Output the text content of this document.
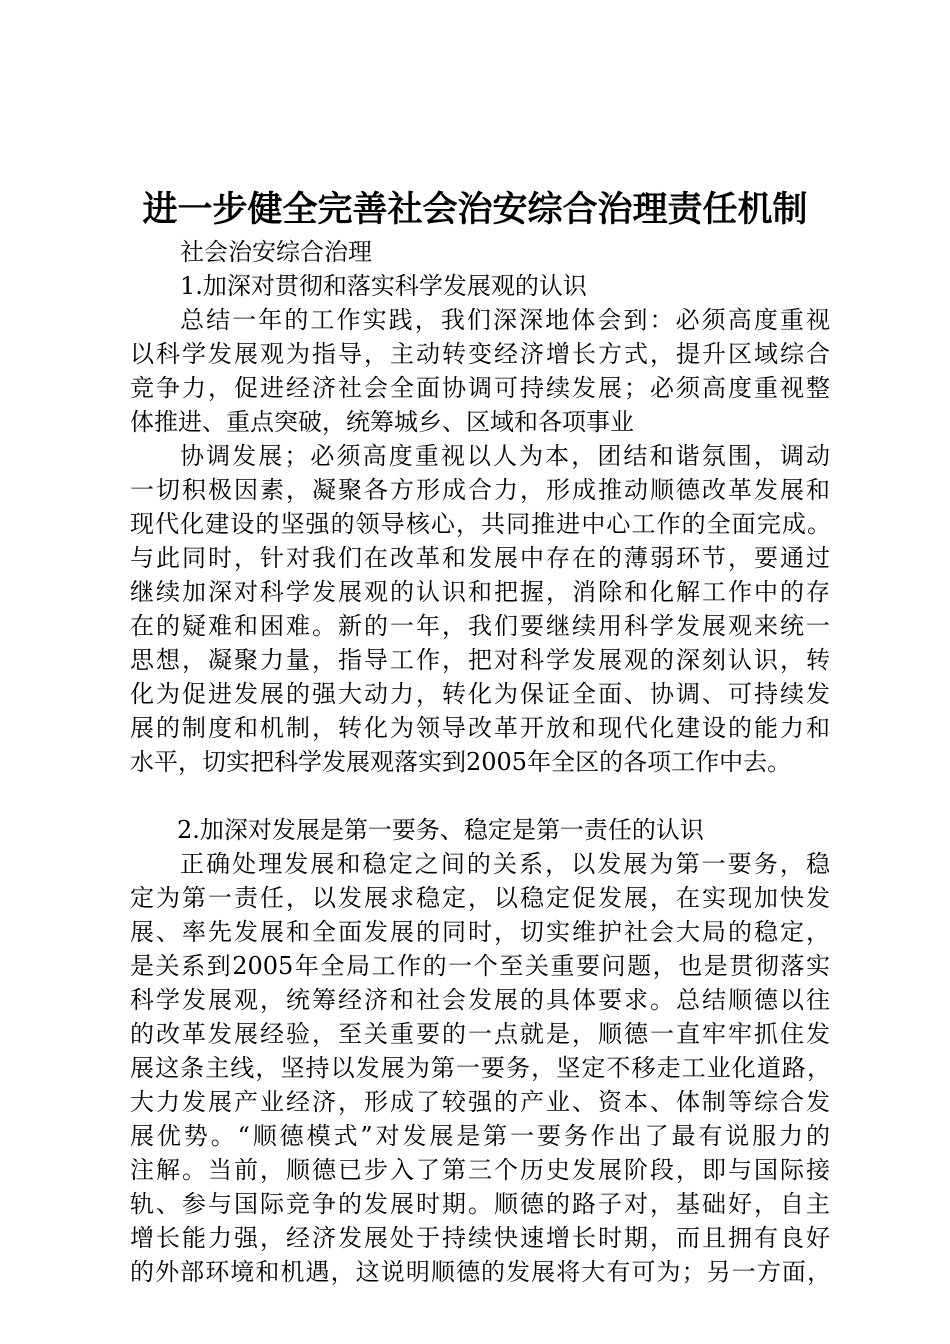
进一步健全完善社会治安综合治理责任机制
社会治安综合治理
1.加深对贯彻和落实科学发展观的认识
总结一年的工作实践，我们深深地体会到：必须高度重视
以科学发展观为指导，主动转变经济增长方式，提升区域综合
竞争力，促进经济社会全面协调可持续发展；必须高度重视整
体推进、重点突破，统筹城乡、区域和各项事业
协调发展；必须高度重视以人为本，团结和谐氛围，调动
一切积极因素，凝聚各方形成合力，形成推动顺德改革发展和
现代化建设的坚强的领导核心，共同推进中心工作的全面完成。
与此同时，针对我们在改革和发展中存在的薄弱环节，要通过
继续加深对科学发展观的认识和把握，消除和化解工作中的存
在的疑难和困难。新的一年，我们要继续用科学发展观来统一
思想，凝聚力量，指导工作，把对科学发展观的深刻认识，转
化为促进发展的强大动力，转化为保证全面、协调、可持续发
展的制度和机制，转化为领导改革开放和现代化建设的能力和
水平，切实把科学发展观落实到2005年全区的各项工作中去。
2.加深对发展是第一要务、稳定是第一责任的认识
正确处理发展和稳定之间的关系，以发展为第一要务，稳
定为第一责任，以发展求稳定，以稳定促发展，在实现加快发
展、率先发展和全面发展的同时，切实维护社会大局的稳定，
是关系到2005年全局工作的一个至关重要问题，也是贯彻落实
科学发展观，统筹经济和社会发展的具体要求。总结顺德以往
的改革发展经验，至关重要的一点就是，顺德一直牢牢抓住发
展这条主线，坚持以发展为第一要务，坚定不移走工业化道路，
大力发展产业经济，形成了较强的产业、资本、体制等综合发
展优势。“顺德模式”对发展是第一要务作出了最有说服力的
注解。当前，顺德已步入了第三个历史发展阶段，即与国际接
轨、参与国际竞争的发展时期。顺德的路子对，基础好，自主
增长能力强，经济发展处于持续快速增长时期，而且拥有良好
的外部环境和机遇，这说明顺德的发展将大有可为；另一方面，
